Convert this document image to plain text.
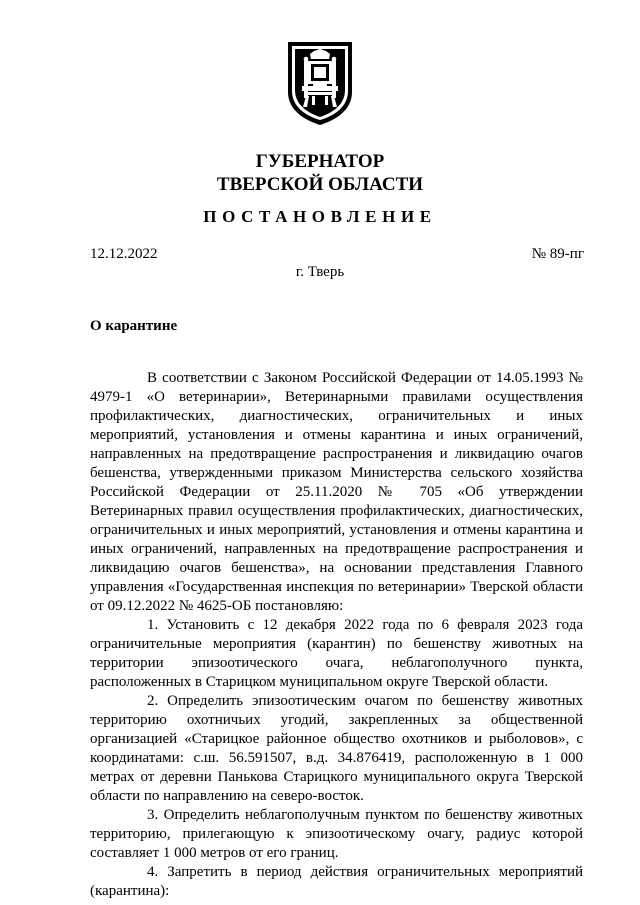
ГУБЕРНАТОР
ТВЕРСКОЙ ОБЛАСТИ
ПОСТАНОВЛЕНИЕ
12.12.2022	№ 89-пг
г. Тверь
О карантине

В соответствии с Законом Российской Федерации от 14.05.1993 № 4979-1 «О ветеринарии», Ветеринарными правилами осуществления профилактических, диагностических, ограничительных и иных мероприятий, установления и отмены карантина и иных ограничений, направленных на предотвращение распространения и ликвидацию очагов бешенства, утвержденными приказом Министерства сельского хозяйства Российской Федерации от 25.11.2020 № 705 «Об утверждении Ветеринарных правил осуществления профилактических, диагностических, ограничительных и иных мероприятий, установления и отмены карантина и иных ограничений, направленных на предотвращение распространения и ликвидацию очагов бешенства», на основании представления Главного управления «Государственная инспекция по ветеринарии» Тверской области от 09.12.2022 № 4625-ОБ постановляю:

1. Установить с 12 декабря 2022 года по 6 февраля 2023 года ограничительные мероприятия (карантин) по бешенству животных на территории эпизоотического очага, неблагополучного пункта, расположенных в Старицком муниципальном округе Тверской области.

2. Определить эпизоотическим очагом по бешенству животных территорию охотничьих угодий, закрепленных за общественной организацией «Старицкое районное общество охотников и рыболовов», с координатами: с.ш. 56.591507, в.д. 34.876419, расположенную в 1 000 метрах от деревни Панькова Старицкого муниципального округа Тверской области по направлению на северо-восток.

3. Определить неблагополучным пунктом по бешенству животных территорию, прилегающую к эпизоотическому очагу, радиус которой составляет 1 000 метров от его границ.

4. Запретить в период действия ограничительных мероприятий (карантина):
